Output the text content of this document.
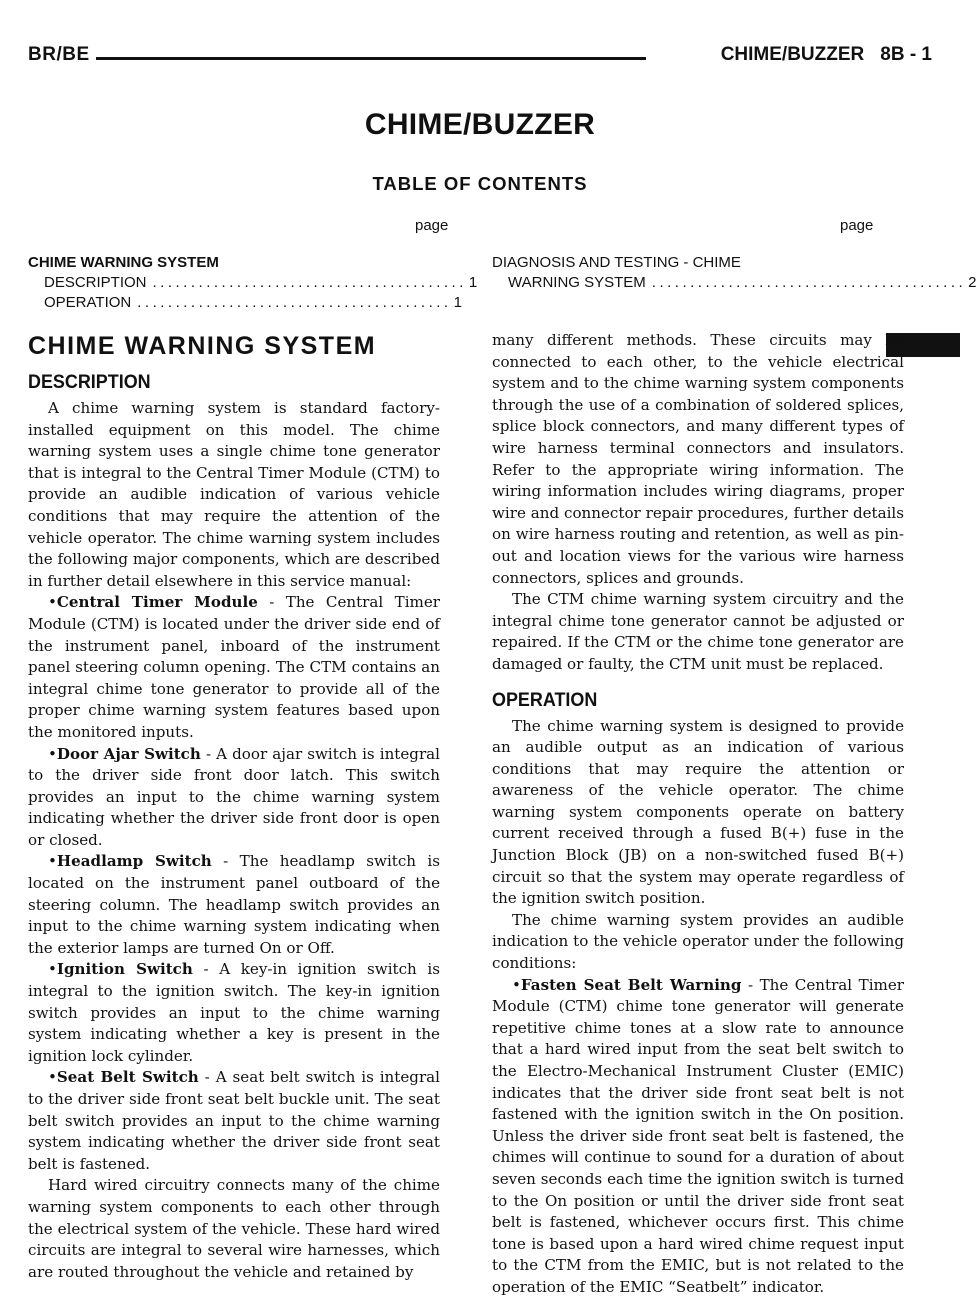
BR/BE	CHIME/BUZZER 8B - 1
CHIME/BUZZER
TABLE OF CONTENTS
page	page
CHIME WARNING SYSTEM
DESCRIPTION ......................................... 1
OPERATION ......................................... 1
DIAGNOSIS AND TESTING - CHIME
WARNING SYSTEM ......................................... 2
CHIME WARNING SYSTEM
DESCRIPTION

A chime warning system is standard factory-installed equipment on this model. The chime warning system uses a single chime tone generator that is integral to the Central Timer Module (CTM) to provide an audible indication of various vehicle conditions that may require the attention of the vehicle operator. The chime warning system includes the following major components, which are described in further detail elsewhere in this service manual:

•Central Timer Module - The Central Timer Module (CTM) is located under the driver side end of the instrument panel, inboard of the instrument panel steering column opening. The CTM contains an integral chime tone generator to provide all of the proper chime warning system features based upon the monitored inputs.

•Door Ajar Switch - A door ajar switch is integral to the driver side front door latch. This switch provides an input to the chime warning system indicating whether the driver side front door is open or closed.

•Headlamp Switch - The headlamp switch is located on the instrument panel outboard of the steering column. The headlamp switch provides an input to the chime warning system indicating when the exterior lamps are turned On or Off.

•Ignition Switch - A key-in ignition switch is integral to the ignition switch. The key-in ignition switch provides an input to the chime warning system indicating whether a key is present in the ignition lock cylinder.

•Seat Belt Switch - A seat belt switch is integral to the driver side front seat belt buckle unit. The seat belt switch provides an input to the chime warning system indicating whether the driver side front seat belt is fastened.

Hard wired circuitry connects many of the chime warning system components to each other through the electrical system of the vehicle. These hard wired circuits are integral to several wire harnesses, which are routed throughout the vehicle and retained by

many different methods. These circuits may be connected to each other, to the vehicle electrical system and to the chime warning system components through the use of a combination of soldered splices, splice block connectors, and many different types of wire harness terminal connectors and insulators. Refer to the appropriate wiring information. The wiring information includes wiring diagrams, proper wire and connector repair procedures, further details on wire harness routing and retention, as well as pin-out and location views for the various wire harness connectors, splices and grounds.

The CTM chime warning system circuitry and the integral chime tone generator cannot be adjusted or repaired. If the CTM or the chime tone generator are damaged or faulty, the CTM unit must be replaced.

OPERATION

The chime warning system is designed to provide an audible output as an indication of various conditions that may require the attention or awareness of the vehicle operator. The chime warning system components operate on battery current received through a fused B(+) fuse in the Junction Block (JB) on a non-switched fused B(+) circuit so that the system may operate regardless of the ignition switch position.

The chime warning system provides an audible indication to the vehicle operator under the following conditions:

•Fasten Seat Belt Warning - The Central Timer Module (CTM) chime tone generator will generate repetitive chime tones at a slow rate to announce that a hard wired input from the seat belt switch to the Electro-Mechanical Instrument Cluster (EMIC) indicates that the driver side front seat belt is not fastened with the ignition switch in the On position. Unless the driver side front seat belt is fastened, the chimes will continue to sound for a duration of about seven seconds each time the ignition switch is turned to the On position or until the driver side front seat belt is fastened, whichever occurs first. This chime tone is based upon a hard wired chime request input to the CTM from the EMIC, but is not related to the operation of the EMIC “Seatbelt” indicator.
